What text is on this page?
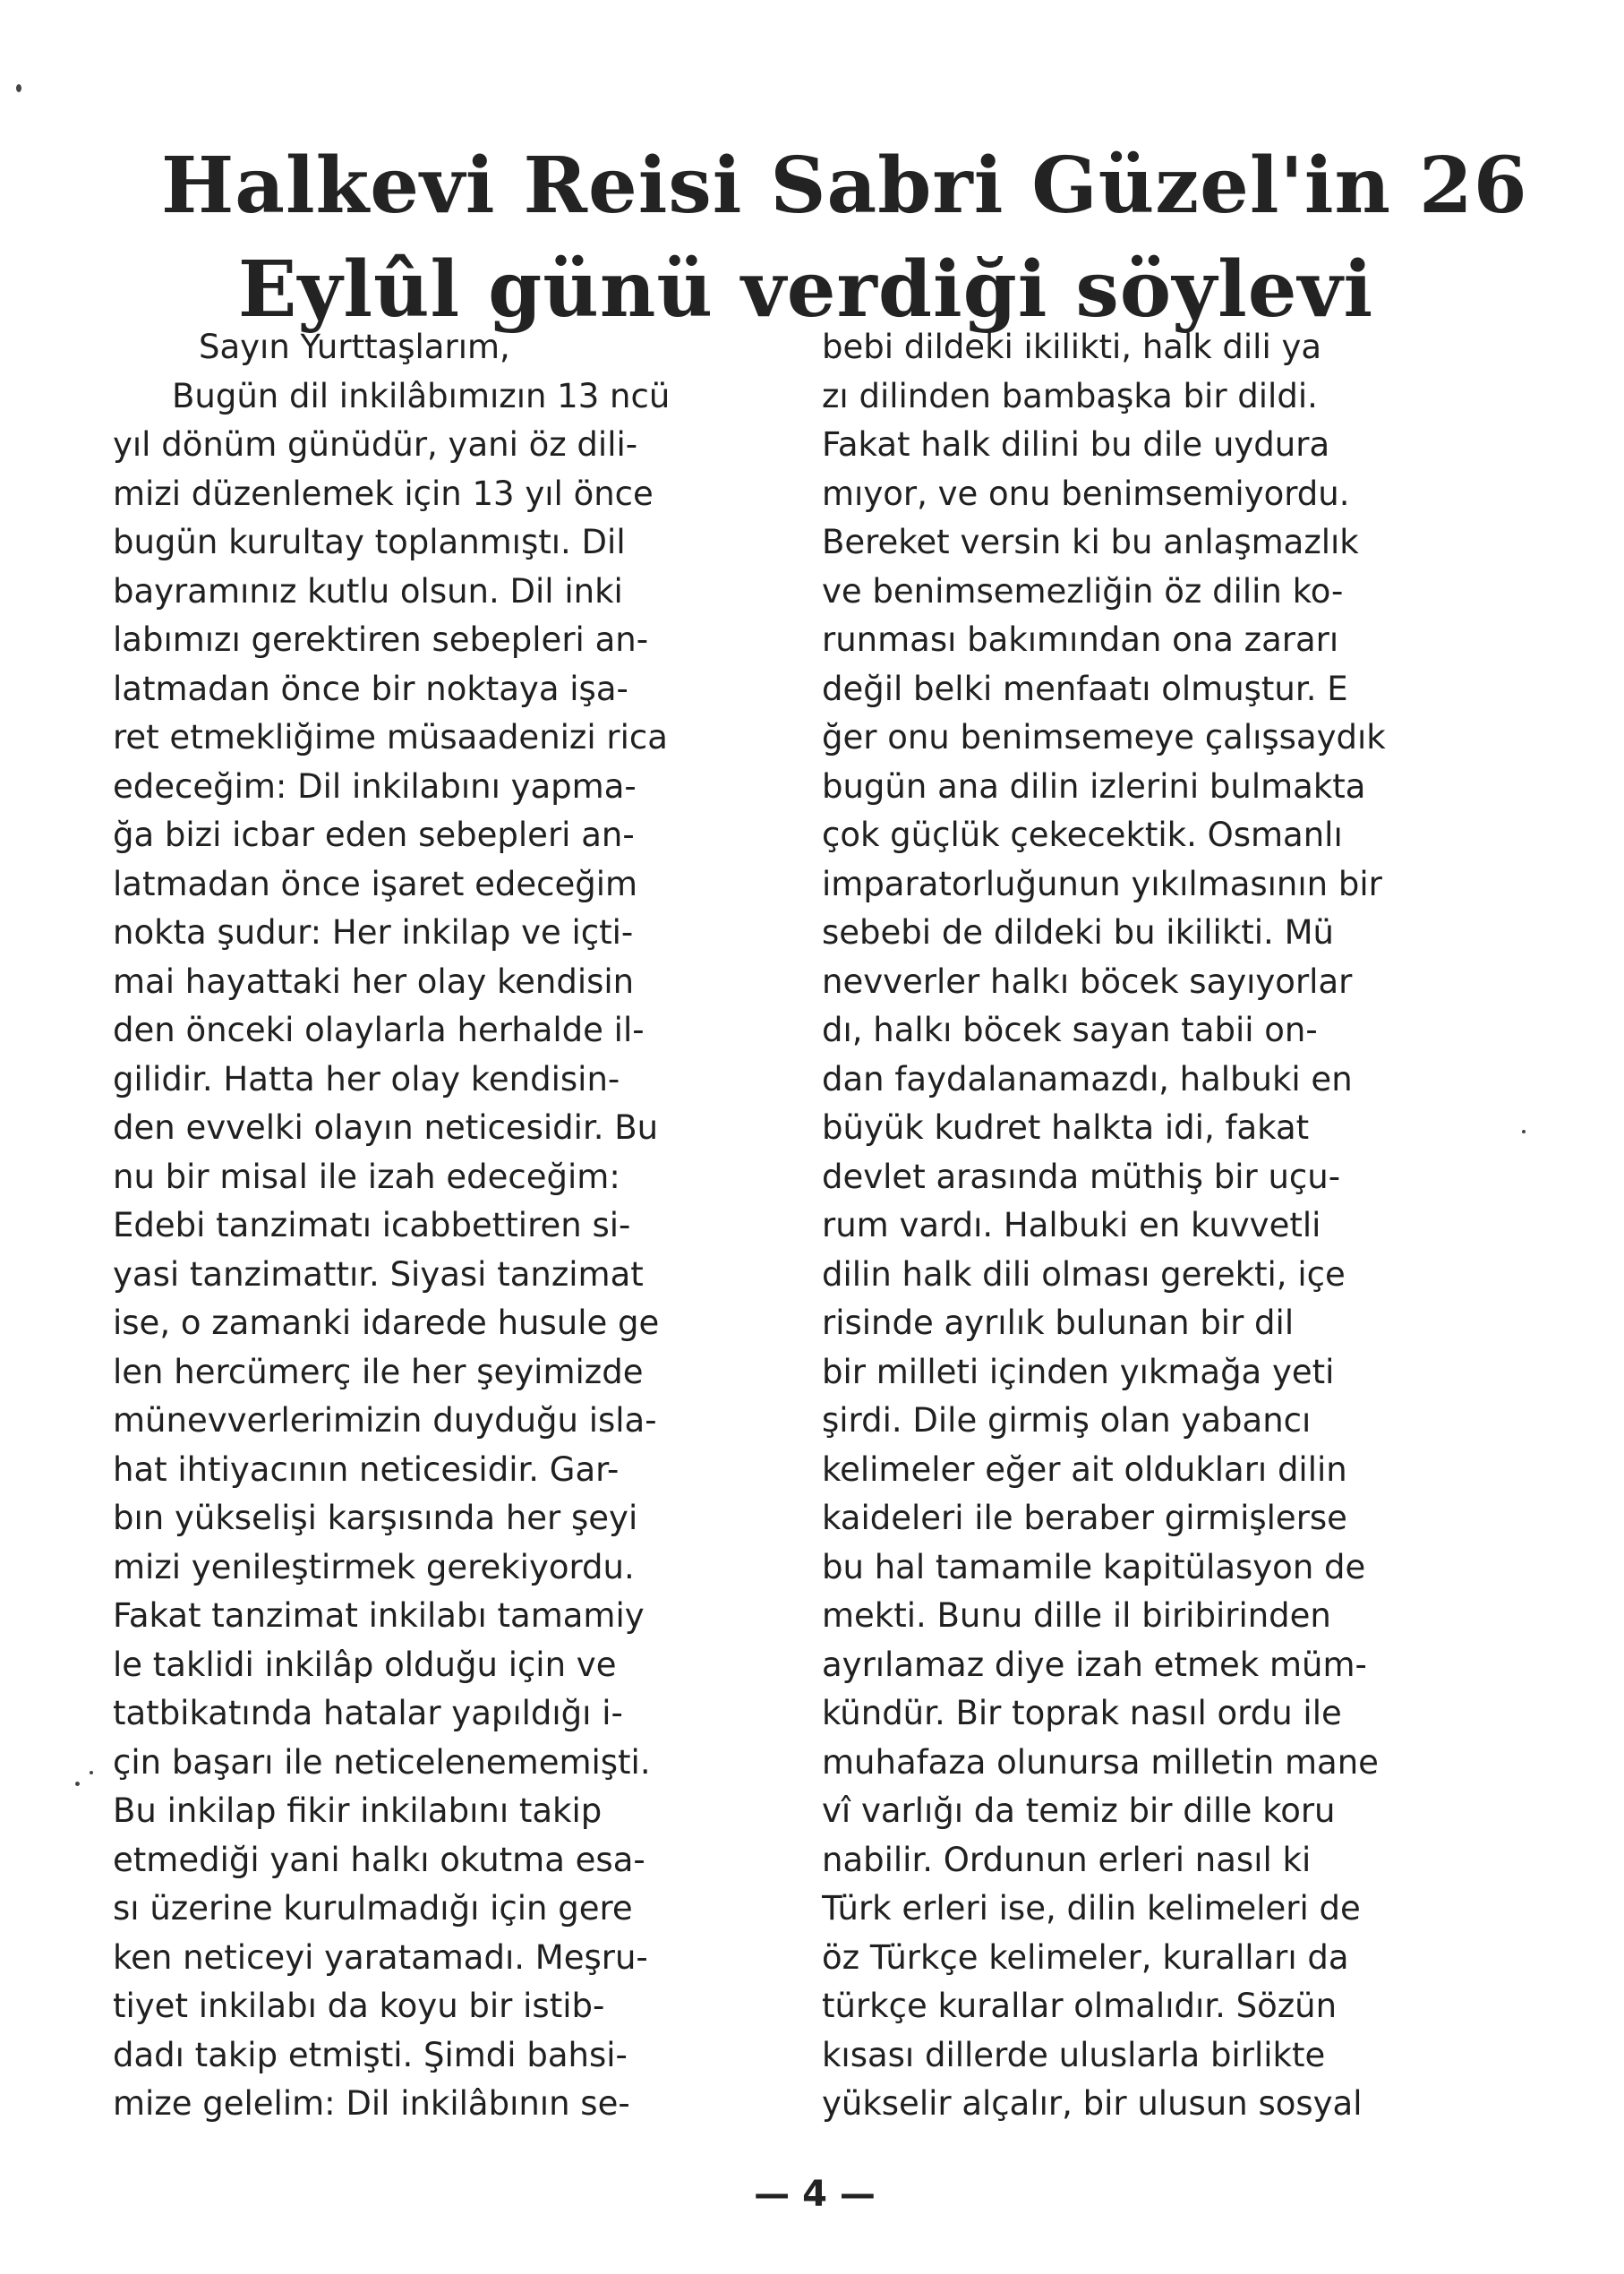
Halkevi Reisi Sabri Güzel'in 26
Eylûl günü verdiği söylevi
Sayın Yurttaşlarım,
Bugün dil inkilâbımızın 13 ncü
yıl dönüm günüdür, yani öz dili-
mizi düzenlemek için 13 yıl önce
bugün kurultay toplanmıştı. Dil
bayramınız kutlu olsun. Dil inki
labımızı gerektiren sebepleri an-
latmadan önce bir noktaya işa-
ret etmekliğime müsaadenizi rica
edeceğim: Dil inkilabını yapma-
ğa bizi icbar eden sebepleri an-
latmadan önce işaret edeceğim
nokta şudur: Her inkilap ve içti-
mai hayattaki her olay kendisin
den önceki olaylarla herhalde il-
gilidir. Hatta her olay kendisin-
den evvelki olayın neticesidir. Bu
nu bir misal ile izah edeceğim:
Edebi tanzimatı icabbettiren si-
yasi tanzimattır. Siyasi tanzimat
ise, o zamanki idarede husule ge
len hercümerç ile her şeyimizde
münevverlerimizin duyduğu isla-
hat ihtiyacının neticesidir. Gar-
bın yükselişi karşısında her şeyi
mizi yenileştirmek gerekiyordu.
Fakat tanzimat inkilabı tamamiy
le taklidi inkilâp olduğu için ve
tatbikatında hatalar yapıldığı i-
çin başarı ile neticelenememişti.
Bu inkilap fikir inkilabını takip
etmediği yani halkı okutma esa-
sı üzerine kurulmadığı için gere
ken neticeyi yaratamadı. Meşru-
tiyet inkilabı da koyu bir istib-
dadı takip etmişti. Şimdi bahsi-
mize gelelim: Dil inkilâbının se-
bebi dildeki ikilikti, halk dili ya
zı dilinden bambaşka bir dildi.
Fakat halk dilini bu dile uydura
mıyor, ve onu benimsemiyordu.
Bereket versin ki bu anlaşmazlık
ve benimsemezliğin öz dilin ko-
runması bakımından ona zararı
değil belki menfaatı olmuştur. E
ğer onu benimsemeye çalışsaydık
bugün ana dilin izlerini bulmakta
çok güçlük çekecektik. Osmanlı
imparatorluğunun yıkılmasının bir
sebebi de dildeki bu ikilikti. Mü
nevverler halkı böcek sayıyorlar
dı, halkı böcek sayan tabii on-
dan faydalanamazdı, halbuki en
büyük kudret halkta idi, fakat
devlet arasında müthiş bir uçu-
rum vardı. Halbuki en kuvvetli
dilin halk dili olması gerekti, içe
risinde ayrılık bulunan bir dil
bir milleti içinden yıkmağa yeti
şirdi. Dile girmiş olan yabancı
kelimeler eğer ait oldukları dilin
kaideleri ile beraber girmişlerse
bu hal tamamile kapitülasyon de
mekti. Bunu dille il biribirinden
ayrılamaz diye izah etmek müm-
kündür. Bir toprak nasıl ordu ile
muhafaza olunursa milletin mane
vî varlığı da temiz bir dille koru
nabilir. Ordunun erleri nasıl ki
Türk erleri ise, dilin kelimeleri de
öz Türkçe kelimeler, kuralları da
türkçe kurallar olmalıdır. Sözün
kısası dillerde uluslarla birlikte
yükselir alçalır, bir ulusun sosyal
— 4 —
